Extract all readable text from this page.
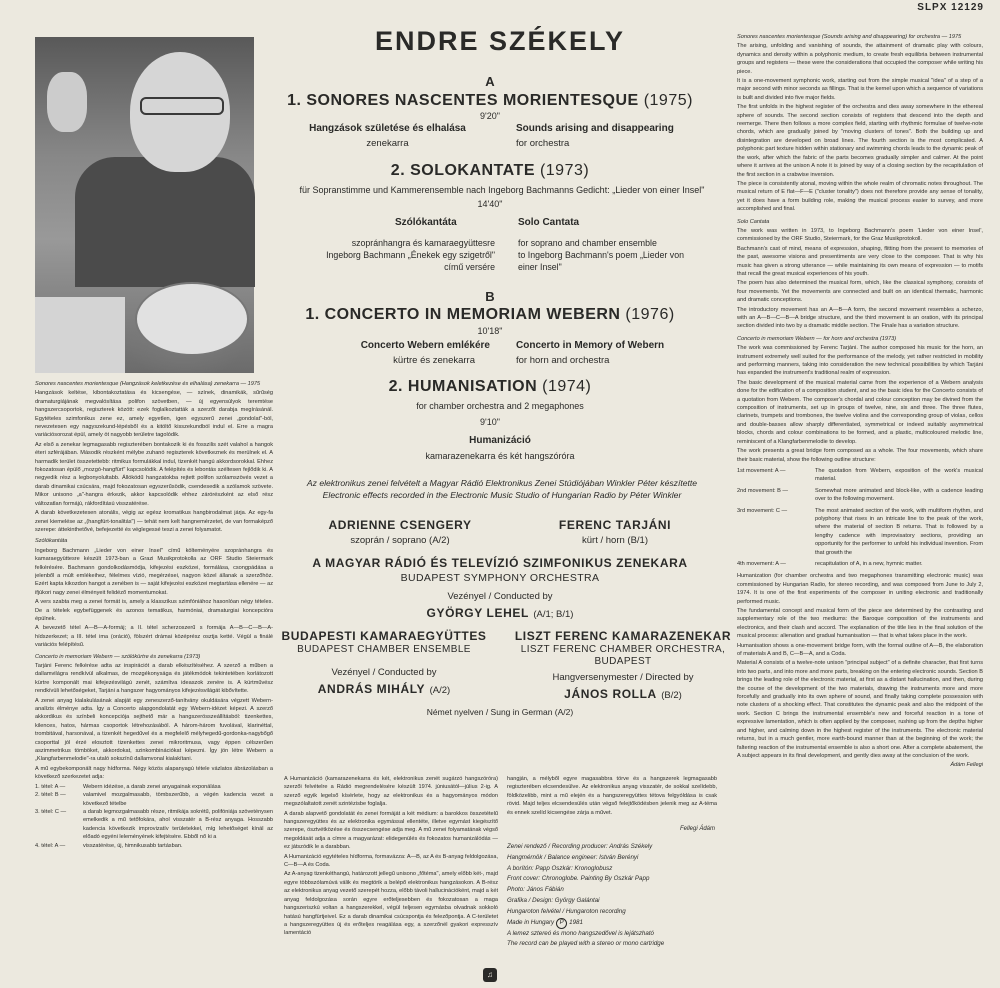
SLPX 12129
ENDRE SZÉKELY
A
1. SONORES NASCENTES MORIENTESQUE (1975)
9'20"
Hangzások születése és elhalása
zenekarra
Sounds arising and disappearing
for orchestra
2. SOLOKANTATE (1973)
für Sopranstimme und Kammerensemble nach Ingeborg Bachmanns Gedicht: „Lieder von einer Insel"
14'40"
Szólókantáta	Solo Cantata
szopránhangra és kamaraegyüttesre
Ingeborg Bachmann „Énekek egy szigetről"
című versére
for soprano and chamber ensemble
to Ingeborg Bachmann's poem „Lieder von
einer Insel"
B
1. CONCERTO IN MEMORIAM WEBERN (1976)
10'18"
Concerto Webern emlékére
kürtre és zenekarra
Concerto in Memory of Webern
for horn and orchestra
2. HUMANISATION (1974)
for chamber orchestra and 2 megaphones
9'10"
Humanizáció
kamarazenekarra és két hangszóróra
Az elektronikus zenei felvételt a Magyar Rádió Elektronikus Zenei Stúdiójában Winkler Péter készítette
Electronic effects recorded in the Electronic Music Studio of Hungarian Radio by Péter Winkler
ADRIENNE CSENGERY
szoprán / soprano (A/2)
FERENC TARJÁNI
kürt / horn (B/1)
A MAGYAR RÁDIÓ ÉS TELEVÍZIÓ SZIMFONIKUS ZENEKARA
BUDAPEST SYMPHONY ORCHESTRA
Vezényel / Conducted by
GYÖRGY LEHEL (A/1; B/1)
BUDAPESTI KAMARAEGYÜTTES
BUDAPEST CHAMBER ENSEMBLE
Vezényel / Conducted by
ANDRÁS MIHÁLY (A/2)
LISZT FERENC KAMARAZENEKAR
LISZT FERENC CHAMBER ORCHESTRA,
BUDAPEST
Hangversenymester / Directed by
JÁNOS ROLLA (B/2)
Német nyelven / Sung in German (A/2)

Sonores nascentes morientesque (Hangzások keletkezése és elhalása) zenekarra — 1975

Hangzások keltése, kibontakoztatása és kicsengése, — színek, dinamikák, sűrűség dramaturgiájának megvalósítása polifon szövetben, — új egyensúlyok teremtése hangszercsoportok, regiszterek között: ezek foglalkoztatták a szerzőt darabja megírásánál. Egytételes szimfonikus zene ez, amely egyetlen, igen egyszerű zenei „gondolat"-ból, nevezetesen egy nagyszekund-lépésből és a kitöltő kisszekundból indul el. Erre a magra variációsorozat épül, amely öt nagyobb területre tagolódik.

Az első a zenekar legmagasabb regiszterében bontakozik ki és fosszilis szét valahol a hangok éteri szférájában. Második részként mélybe zuhanó regiszterek következnek és merülnek el. A harmadik terület összetettebb: ritmikus formulákkal indul, tizenkét hangú akkordsorokkal. Ehhez fokozatosan épülő „mozgó-hangfürt" kapcsolódik. A felépítés és lebontás széltesen fejlődik ki. A negyedik rész a legbonyolultabb. Állóködű hangzatokba rejtett polifon szólamszövés vezet a darab dinamikai csúcsára, majd fokozatosan egyszerűsödik, csendesedik a szólamok szövete. Mikor unisono „a"-hangra érkezik, akkor kapcsolódik ehhez zárórészként az első rész változatlan formájú, rákfordítású visszatérése.

A darab következetesen atonális, végig az egész kromatikus hangbirodalmat járja. Az egy-fa zenei kiemelése az „(hangfürt-tonalitás") — tehát nem kelt hangnemérzetet, de van formaképző szerepe: áttekinthetővé, befejezetté és véglegessé teszi a zenei folyamatot.

Szólókantáta

Ingeborg Bachmann „Lieder von einer Insel" című költeményére szopránhangra és kamaraegyüttesre készült 1973-ban a Grazi Musikprotokolla az ORF Studio Steiermark felkérésére. Bachmann gondolkodásmódja, kifejezési eszközei, formálása, csongpádása a jelenből a múlt emlékeihez, félelmes vízió, megérzései, nagyon közel állanak a szerzőhöz. Ezért kapta kikozdon hangot a zenében is — saját kifejezési eszközei megtartása ellenére — az ifjúkori nagy zenei élményeit felidéző momentumokat.

A vers szabta meg a zenei formát is, amely a klasszikus szimfóniához hasonlóan négy tételes. De a tételek egybefüggenek és azonos tematikus, harmóniai, dramaturgiai koncepcióra épülnek.

A bevezető tétel A—B—A-formáj; a II. tétel scherzoszerű s formája A—B—C—B—A-hídszerkezet; a III. tétel ima (oráció), fölszért drámai középrész osztja ketté. Végül a finálé variációs felépítésű.

Concerto in memoriam Webern — szólókürtre és zenekarra (1973)

Tarjáni Ferenc felkérése adta az inspirációt a darab elkészítéséhez. A szerző a műben a dallamvilágra rendkívül alkalmas, de mozgékonysága és játékmódok tekintetében korlátozott kürtre komponált mai kifejezésvilágú zenét, számítva ideaszok zenére is. A kürtművész rendkívüli lehetőségeket, Tarjáni a hangszer hagyományos kifejezésvilágát kibővítette.

A zenei anyag kialakulásának alapját egy zeneszerző-tanítvány okuldására végzett Webern-analízis élménye adta. Így a Concerto alapgondolatát egy Webern-idézet képezi. A szerző akkordikus és színbeli koncepciója sejthető már a hangszerösszeállításból: tizenkettes, kilences, hatos, hármas csoportok létrehozásából. A három-három fuvolával, klarinéttal, trombitával, harsonával, a tizenkét hegedűvel és a megfelelő mélyhegedű-gordonka-nagybőgő csoporttal jól érzé elosztott tizenkettes zenei mikroritmusa, vagy éppen célszerűen aszimmetrikus tömböket, akkordokat, szinkombinációkat képezni. Így jön létre Webern a „Klangfarbenmelodie"-ra utaló sokszínű dallamvonal kialakítani.

A mű egybekomponált nagy hídforma. Négy közös alapanyagú tétele vázlatos ábrázolásban a következő szerkezetet adja:

1. tétel: A —	Webern idézése, a darab zenei anyagainak exponálása
2. tétel: B —	valamivel mozgalmasabb, tömbszerűbb, a végén kadencia vezet a következő tételbe
3. tétel: C —	a darab legmozgalmasabb része, ritmikája sokrétű, polifóniája szöveténysen emelkedik a mű tetőfokára, ahol visszatér a B-rész anyaga. Hosszabb kadencia következik improvizatív területekkel, míg lehetőséget kínál az előadó egyéni leleményének kifejtésére. Ebből nő ki a
4. tétel: A —	visszatérése, új, himnikusabb tartásban.

A Humanizáció (kamarazenekarra és két, elektronikus zenét sugárzó hangszóróra) szerzői felvételre a Rádió megrendelésére készült 1974. júniusától—július 2-ig. A szerző egyik legelső kísérlete, hogy az elektronikus és a hagyományos módon megszólaltatott zenét szintézisbe foglalja.

A darab alapvető gondolatát és zenei formáját a két médium: a barokkos összetételű hangszeregyüttes és az elektronika egymással ellentéte, illetve egymást kiegészítő szerepe, ösztvétközése és összecsengése adja meg. A mű zenei folyamatának végső megoldását adja a címre a magyarázat: elidegenülés és fokozatos humanizálódás — ez játszódik le a darabban.

A Humanizáció egytételes hídforma, formavázza: A—B, az A és B-anyag feldolgozása, C—B—A és Coda.

Az A-anyag tizenkéthangú, határozott jellegű unisono „főtéma", amely előbb két-, majd egyre többszólamúvá válik és megtörik a belépő elektronikus hangzásokon. A B-rész az elektronikus anyag vezető szerepét hozza, előbb távoli hallucinációként, majd a két anyag feldolgozása során egyre erőteljesebben és fokozatosan a maga hangszeriszkú voltan a hangszerekkel, végül teljesen egymásba olvadnak sokkoló hatású hangfürtjeivel. Ez a darab dinamikai csúcspontja és felezőpontja. A C-területet a hangszeregyüttes új és erőteljes reagálása egy, a szerzőnél gyakori expresszív lamentáció

hangján, a mélyből egyre magasabbra törve és a hangszerek legmagasabb regiszterében elcsendesülve. Az elektronikus anyag visszatér, de sokkal szelídebb, földközelibb, mint a mű elején és a hangszeregyüttes tétova felgyóldása is csak rövid. Majd teljes elcsendesülés után végső felejtőködésben jelenik meg az A-téma és ennek szelíd kicsengése zárja a művet.

Fellegi Ádám
Zenei rendező / Recording producer: András Székely
Hangmérnök / Balance engineer: István Berényi
A borítón: Papp Oszkár: Kronoglobusz
Front cover: Chronoglobe. Painting By Oszkár Papp
Photo: János Fábián
Grafika / Design: György Galántai
Hungaroton felvétel / Hungaroton recording
Made in Hungary P 1981
A lemez sztereó és mono hangszedővel is lejátszható
The record can be played with a stereo or mono cartridge

Sonores nascentes morientesque (Sounds arising and disappearing) for orchestra — 1975

The arising, unfolding and vanishing of sounds, the attainment of dramatic play with colours, dynamics and density within a polyphonic medium, to create fresh equilibria between instrumental groups and registers — these were the considerations that occupied the composer while writing his piece.

It is a one-movement symphonic work, starting out from the simple musical "idea" of a step of a major second with minor seconds as fillings. That is the kernel upon which a sequence of variations is built and divided into five major fields.

The first unfolds in the highest register of the orchestra and dies away somewhere in the ethereal sphere of sounds. The second section consists of registers that descend into the depth and reemerge. There then follows a more complex field, starting with rhythmic formulae of twelve-note chords, which are gradually joined by "moving clusters of tones". Both the building up and disintegration are developed on broad lines. The fourth section is the most complicated. A polyphonic part texture hidden within stationary and swimming chords leads to the dynamic peak of the work, after which the fabric of the parts becomes gradually simpler and calmer. At the point where it arrives at the unison A note it is joined by way of a closing section by the recapitulation of the first section in a crabwise inversion.

The piece is consistently atonal, moving within the whole realm of chromatic notes throughout. The musical return of E flat—F—E ("cluster tonality") does not therefore provide any sense of tonality, yet it does have a form building role, making the musical process easier to survey, and more accomplished and final.

Solo Cantata

The work was written in 1973, to Ingeborg Bachmann's poem 'Lieder von einer Insel', commissioned by the ORF Studio, Steiermark, for the Graz Musikprotokoll.

Bachmann's cast of mind, means of expression, shaping, flitting from the present to memories of the past, awesome visions and presentiments are very close to the composer. That is why his music has given a strong utterance — while maintaining its own means of expression — to motifs that recall the great musical experiences of his youth.

The poem has also determined the musical form, which, like the classical symphony, consists of four movements. Yet the movements are connected and built on an identical thematic, harmonic and dramatic conceptions.

The introductory movement has an A—B—A form, the second movement resembles a scherzo, with an A—B—C—B—A bridge structure, and the third movement is an oration, with its principal section divided into two by a dramatic middle section. The Finale has a variation structure.

Concerto in memoriam Webern — for horn and orchestra (1973)

The work was commissioned by Ferenc Tarjáni. The author composed his music for the horn, an instrument extremely well suited for the performance of the melody, yet rather restricted in mobility and performing manners, taking into consideration the new technical possibilities by which Tarjáni has expanded the instrument's traditional realm of expression.

The basic development of the musical material came from the experience of a Webern analysis done for the edification of a composition student, and so the basic idea for the Concerto consists of a quotation from Webern. The composer's chordal and colour conception may be divined from the composition of instruments, set up in groups of twelve, nine, six and three. The three flutes, clarinets, trumpets and trombones, the twelve violins and the corresponding group of violas, cellos and double-basses allow sharply differentiated, symmetrical or indeed suitably asymmetrical blocks, chords and colour combinations to be formed, and a plastic, multicoloured melodic line, reminiscent of a Klangfarbenmelodie to develop.

The work presents a great bridge form composed as a whole. The four movements, which share their basic material, show the following outline structure:

1st movement: A —	The quotation from Webern, exposition of the work's musical material.
2nd movement: B —	Somewhat more animated and block-like, with a cadence leading over to the following movement.
3rd movement: C —	The most animated section of the work, with multiform rhythm, and polyphony that rises in an intricate line to the peak of the work, where the material of section B returns. That is followed by a lengthy cadence with improvisatory sections, providing an opportunity for the performer to unfold his individual invention. From that growth the
4th movement: A —	recapitulation of A, in a new, hymnic matter.

Humanization (for chamber orchestra and two megaphones transmitting electronic music) was commissioned by Hungarian Radio, for stereo recording, and was composed from June to July 2, 1974. It is one of the first experiments of the composer in uniting electronic and traditionally performed music.

The fundamental concept and musical form of the piece are determined by the contrasting and supplementary role of the two mediums: the Baroque composition of the instruments and electronics, and their clash and accord. The explanation of the title lies in the final solution of the musical process: alienation and gradual humanisation — that is what takes place in the work.

Humanisation shows a one-movement bridge form, with the formal outline of A—B, the elaboration of materials A and B, C—B—A, and a Coda.

Material A consists of a twelve-note unison "principal subject" of a definite character, that first turns into two parts, and into more and more parts, breaking on the entering electronic sounds. Section B brings the leading role of the electronic material, at first as a distant hallucination, and then, during the course of the development of the two materials, drawing the instruments more and more forcefully and gradually into its own sphere of sound, and finally taking complete possession with note clusters of a shocking effect. That constitutes the dynamic peak and also the midpoint of the work. Section C brings the instrumental ensemble's new and forceful reaction in a tone of expressive lamentation, which is often applied by the composer, rushing up from the depths higher and higher, and calming down in the highest register of the instruments. The electronic material returns, but in a much gentler, more earth-bound manner than at the beginning of the work; the faltering reaction of the instrumental ensemble is also a short one. After a complete abatement, the A subject appears in its final development, and gently dies away at the conclusion of the work.

Ádám Fellegi

♫
